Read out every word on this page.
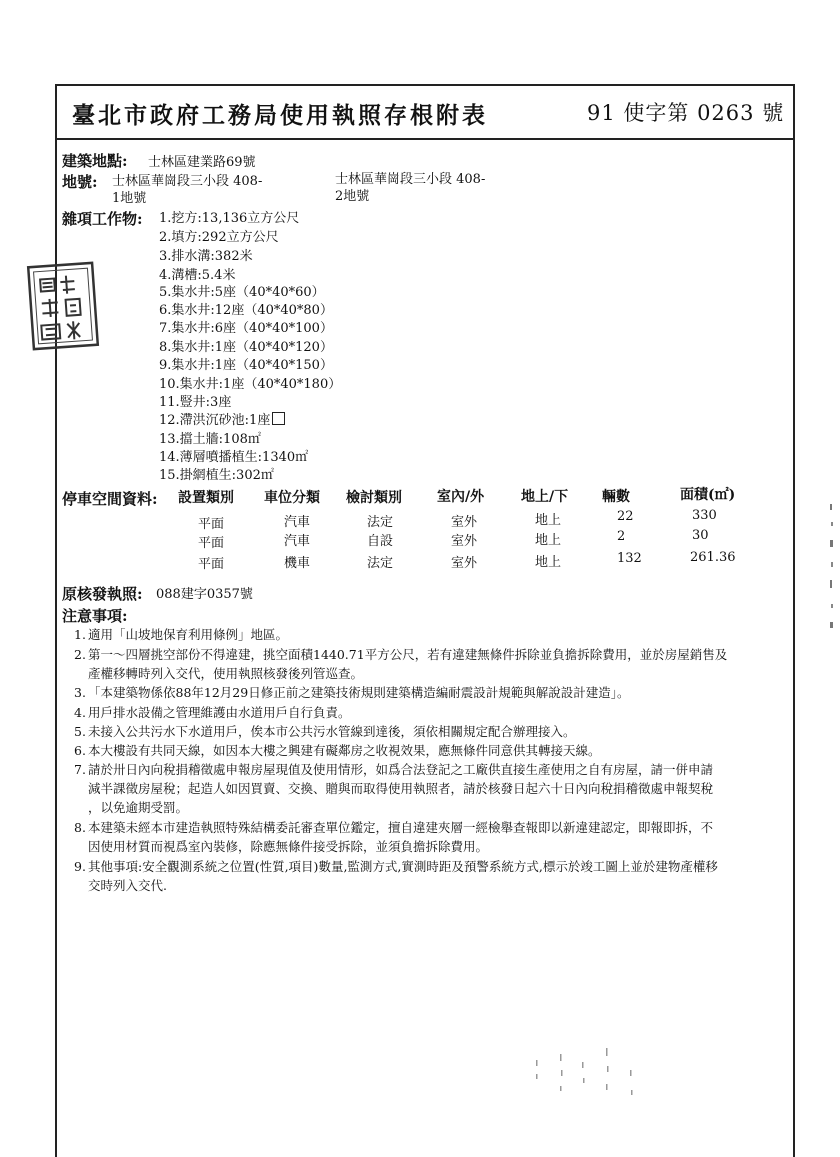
臺北市政府工務局使用執照存根附表	91 使字第 0263 號
建築地點: 士林區建業路69號
地號: 士林區華崗段三小段 408-
1地號
士林區華崗段三小段 408-
2地號
雜項工作物: 1.挖方:13,136立方公尺
2.填方:292立方公尺
3.排水溝:382米
4.溝槽:5.4米
5.集水井:5座（40*40*60）
6.集水井:12座（40*40*80）
7.集水井:6座（40*40*100）
8.集水井:1座（40*40*120）
9.集水井:1座（40*40*150）
10.集水井:1座（40*40*180）
11.豎井:3座
12.滯洪沉砂池:1座
13.擋土牆:108㎡
14.薄層噴播植生:1340㎡
15.掛網植生:302㎡
停車空間資料: 設置類別 車位分類 檢討類別	室內/外	地上/下 輛數	面積(㎡)
平面	汽車	法定	室外	地上	22	330
平面	汽車	自設	室外	地上	2	30
平面	機車	法定	室外	地上	132	261.36
原核發執照: 088建字0357號
注意事項:
1. 適用「山坡地保育利用條例」地區。
2. 第一～四層挑空部份不得違建，挑空面積1440.71平方公尺，若有違建無條件拆除並負擔拆除費用，並於房屋銷售及
產權移轉時列入交代，使用執照核發後列管巡查。
3. 「本建築物係依88年12月29日修正前之建築技術規則建築構造編耐震設計規範與解說設計建造」。
4. 用戶排水設備之管理維護由水道用戶自行負責。
5. 未接入公共污水下水道用戶，俟本市公共污水管線到達後，須依相關規定配合辦理接入。
6. 本大樓設有共同天線，如因本大樓之興建有礙鄰房之收視效果，應無條件同意供其轉接天線。
7. 請於卅日內向稅捐稽徵處申報房屋現值及使用情形，如爲合法登記之工廠供直接生產使用之自有房屋，請一併申請
減半課徵房屋稅；起造人如因買賣、交換、贈與而取得使用執照者，請於核發日起六十日內向稅捐稽徵處申報契稅
，以免逾期受罰。
8. 本建築未經本市建造執照特殊結構委託審查單位鑑定，擅自違建夾層一經檢舉查報即以新違建認定，即報即拆，不
因使用材質而視爲室內裝修，除應無條件接受拆除，並須負擔拆除費用。
9. 其他事項:安全觀測系統之位置(性質,項目)數量,監測方式,實測時距及預警系統方式,標示於竣工圖上並於建物產權移
交時列入交代.
